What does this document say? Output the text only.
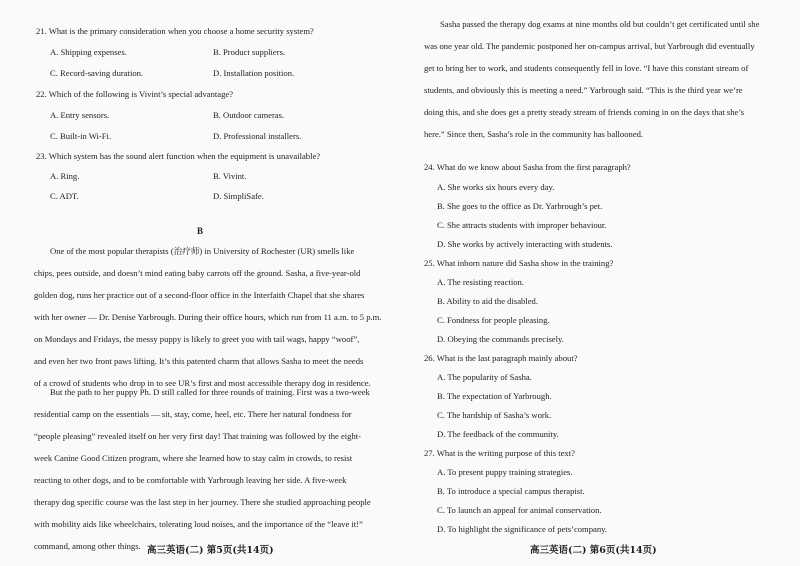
21. What is the primary consideration when you choose a home security system?
A. Shipping expenses.	B. Product suppliers.
C. Record-saving duration.	D. Installation position.
22. Which of the following is Vivint’s special advantage?
A. Entry sensors.	B. Outdoor cameras.
C. Built-in Wi-Fi.	D. Professional installers.
23. Which system has the sound alert function when the equipment is unavailable?
A. Ring.	B. Vivint.
C. ADT.	D. SimpliSafe.
B
One of the most popular therapists (治疗师) in University of Rochester (UR) smells like
chips, pees outside, and doesn’t mind eating baby carrots off the ground. Sasha, a five-year-old
golden dog, runs her practice out of a second-floor office in the Interfaith Chapel that she shares
with her owner — Dr. Denise Yarbrough. During their office hours, which run from 11 a.m. to 5 p.m.
on Mondays and Fridays, the messy puppy is likely to greet you with tail wags, happy “woof”,
and even her two front paws lifting. It’s this patented charm that allows Sasha to meet the needs
of a crowd of students who drop in to see UR’s first and most accessible therapy dog in residence.
But the path to her puppy Ph. D still called for three rounds of training. First was a two-week
residential camp on the essentials — sit, stay, come, heel, etc. There her natural fondness for
“people pleasing” revealed itself on her very first day! That training was followed by the eight-
week Canine Good Citizen program, where she learned how to stay calm in crowds, to resist
reacting to other dogs, and to be comfortable with Yarbrough leaving her side. A five-week
therapy dog specific course was the last step in her journey. There she studied approaching people
with mobility aids like wheelchairs, tolerating loud noises, and the importance of the “leave it!”
command, among other things. 高三英语(二) 第5页(共14页)
Sasha passed the therapy dog exams at nine months old but couldn’t get certificated until she
was one year old. The pandemic postponed her on-campus arrival, but Yarbrough did eventually
get to bring her to work, and students consequently fell in love. “I have this constant stream of
students, and obviously this is meeting a need.” Yarbrough said. “This is the third year we’re
doing this, and she does get a pretty steady stream of friends coming in on the days that she’s
here.” Since then, Sasha’s role in the community has ballooned.
24. What do we know about Sasha from the first paragraph?
A. She works six hours every day.
B. She goes to the office as Dr. Yarbrough’s pet.
C. She attracts students with improper behaviour.
D. She works by actively interacting with students.
25. What inborn nature did Sasha show in the training?
A. The resisting reaction.
B. Ability to aid the disabled.
C. Fondness for people pleasing.
D. Obeying the commands precisely.
26. What is the last paragraph mainly about?
A. The popularity of Sasha.
B. The expectation of Yarbrough.
C. The hardship of Sasha’s work.
D. The feedback of the community.
27. What is the writing purpose of this text?
A. To present puppy training strategies.
B. To introduce a special campus therapist.
C. To launch an appeal for animal conservation.
D. To highlight the significance of pets’company.
高三英语(二) 第6页(共14页)
